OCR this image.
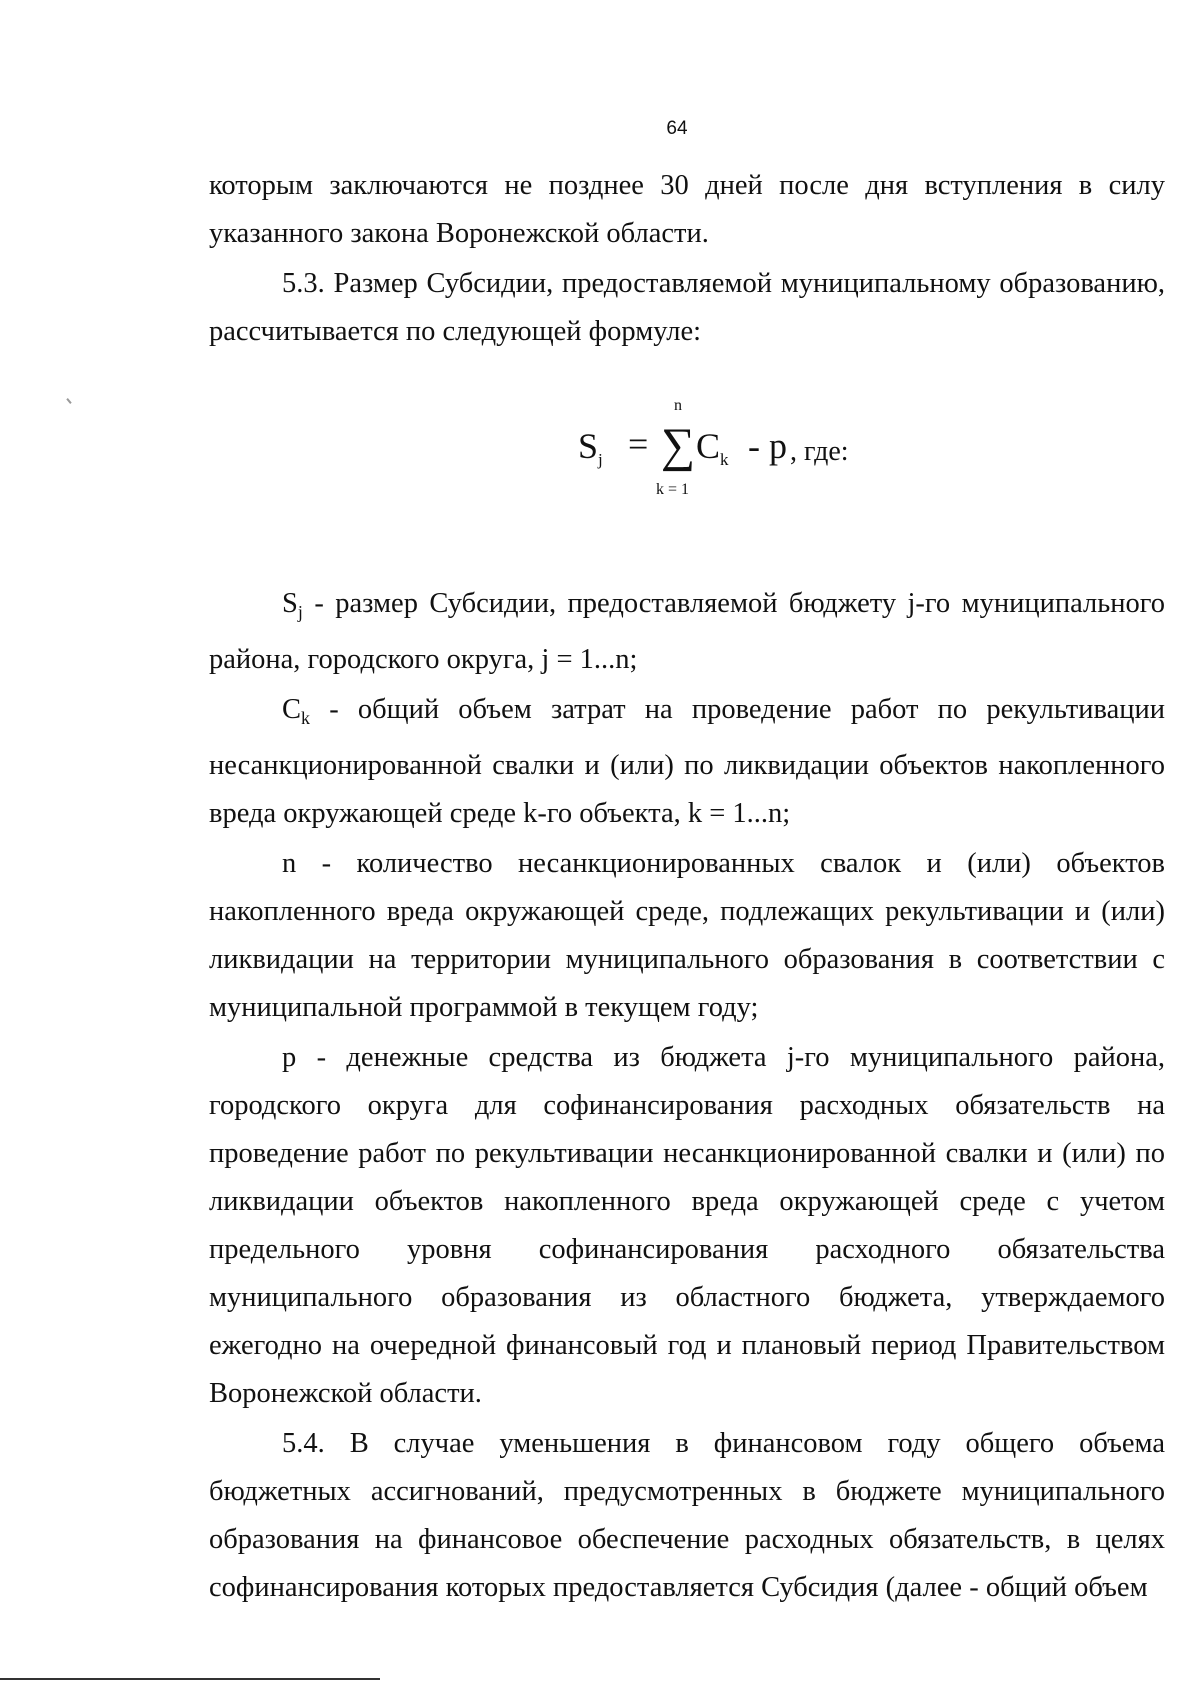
64

которым заключаются не позднее 30 дней после дня вступления в силу указанного закона Воронежской области.

5.3. Размер Субсидии, предоставляемой муниципальному образованию, рассчитывается по следующей формуле:

$S_j$ =
n
∑
k = 1
$C_k$ - p , где:

$S_j$ - размер Субсидии, предоставляемой бюджету j-го муниципального района, городского округа, j = 1...n;

$C_k$ - общий объем затрат на проведение работ по рекультивации несанкционированной свалки и (или) по ликвидации объектов накопленного вреда окружающей среде k-го объекта, k = 1...n;

n - количество несанкционированных свалок и (или) объектов накопленного вреда окружающей среде, подлежащих рекультивации и (или) ликвидации на территории муниципального образования в соответствии с муниципальной программой в текущем году;

p - денежные средства из бюджета j-го муниципального района, городского округа для софинансирования расходных обязательств на проведение работ по рекультивации несанкционированной свалки и (или) по ликвидации объектов накопленного вреда окружающей среде с учетом предельного уровня софинансирования расходного обязательства муниципального образования из областного бюджета, утверждаемого ежегодно на очередной финансовый год и плановый период Правительством Воронежской области.

5.4. В случае уменьшения в финансовом году общего объема бюджетных ассигнований, предусмотренных в бюджете муниципального образования на финансовое обеспечение расходных обязательств, в целях софинансирования которых предоставляется Субсидия (далее - общий объем
